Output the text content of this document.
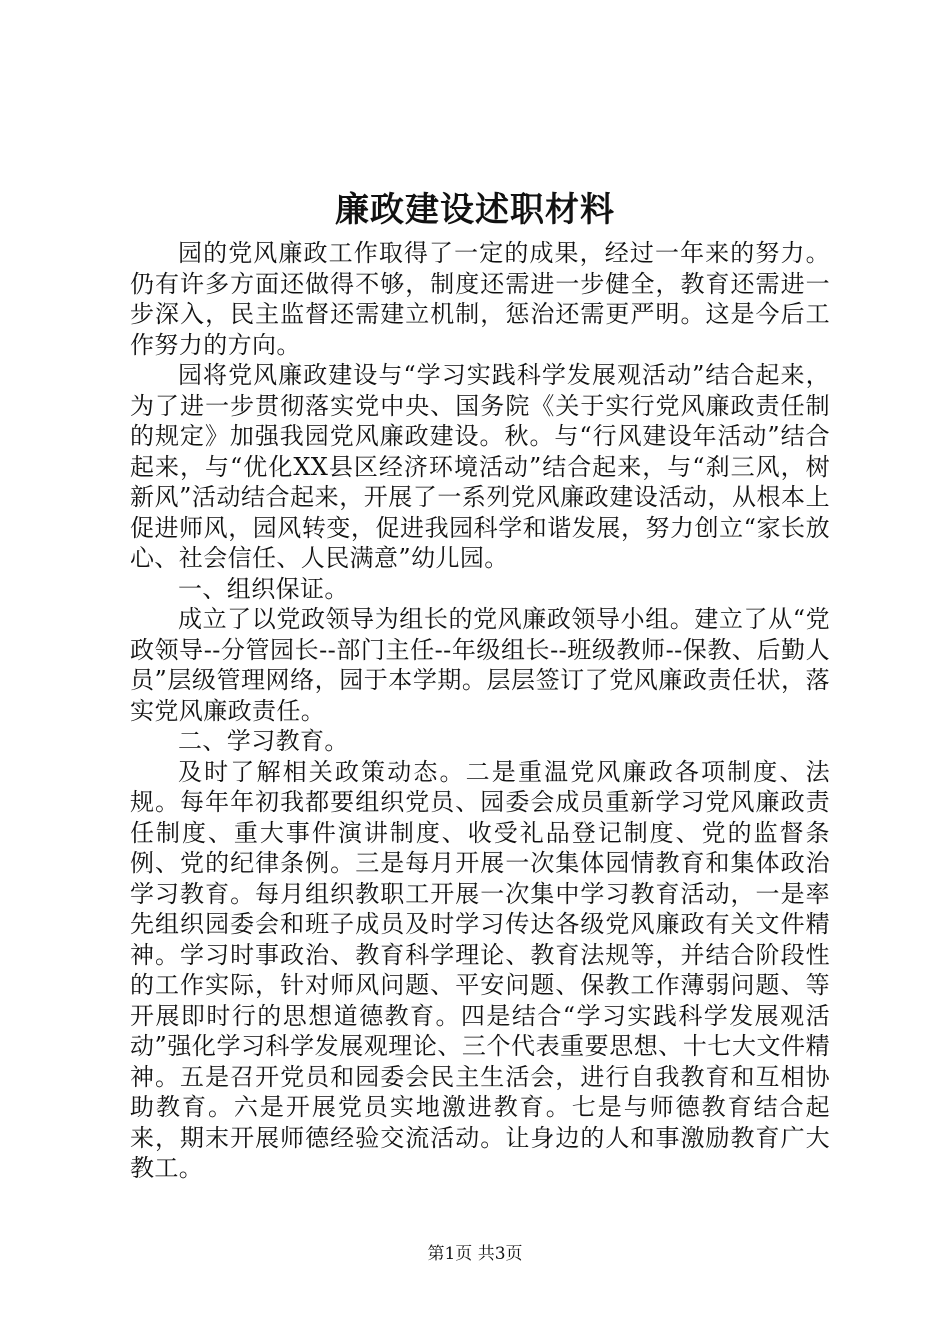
廉政建设述职材料

园的党风廉政工作取得了一定的成果，经过一年来的努力。仍有许多方面还做得不够，制度还需进一步健全，教育还需进一步深入，民主监督还需建立机制，惩治还需更严明。这是今后工作努力的方向。

园将党风廉政建设与“学习实践科学发展观活动”结合起来，为了进一步贯彻落实党中央、国务院《关于实行党风廉政责任制的规定》加强我园党风廉政建设。秋。与“行风建设年活动”结合起来，与“优化XX县区经济环境活动”结合起来，与“刹三风，树新风”活动结合起来，开展了一系列党风廉政建设活动，从根本上促进师风，园风转变，促进我园科学和谐发展，努力创立“家长放心、社会信任、人民满意”幼儿园。

一、组织保证。

成立了以党政领导为组长的党风廉政领导小组。建立了从“党政领导--分管园长--部门主任--年级组长--班级教师--保教、后勤人员”层级管理网络，园于本学期。层层签订了党风廉政责任状，落实党风廉政责任。

二、学习教育。

及时了解相关政策动态。二是重温党风廉政各项制度、法规。每年年初我都要组织党员、园委会成员重新学习党风廉政责任制度、重大事件演讲制度、收受礼品登记制度、党的监督条例、党的纪律条例。三是每月开展一次集体园情教育和集体政治学习教育。每月组织教职工开展一次集中学习教育活动，一是率先组织园委会和班子成员及时学习传达各级党风廉政有关文件精神。学习时事政治、教育科学理论、教育法规等，并结合阶段性的工作实际，针对师风问题、平安问题、保教工作薄弱问题、等开展即时行的思想道德教育。四是结合“学习实践科学发展观活动”强化学习科学发展观理论、三个代表重要思想、十七大文件精神。五是召开党员和园委会民主生活会，进行自我教育和互相协助教育。六是开展党员实地激进教育。七是与师德教育结合起来，期末开展师德经验交流活动。让身边的人和事激励教育广大教工。

第1页 共3页
